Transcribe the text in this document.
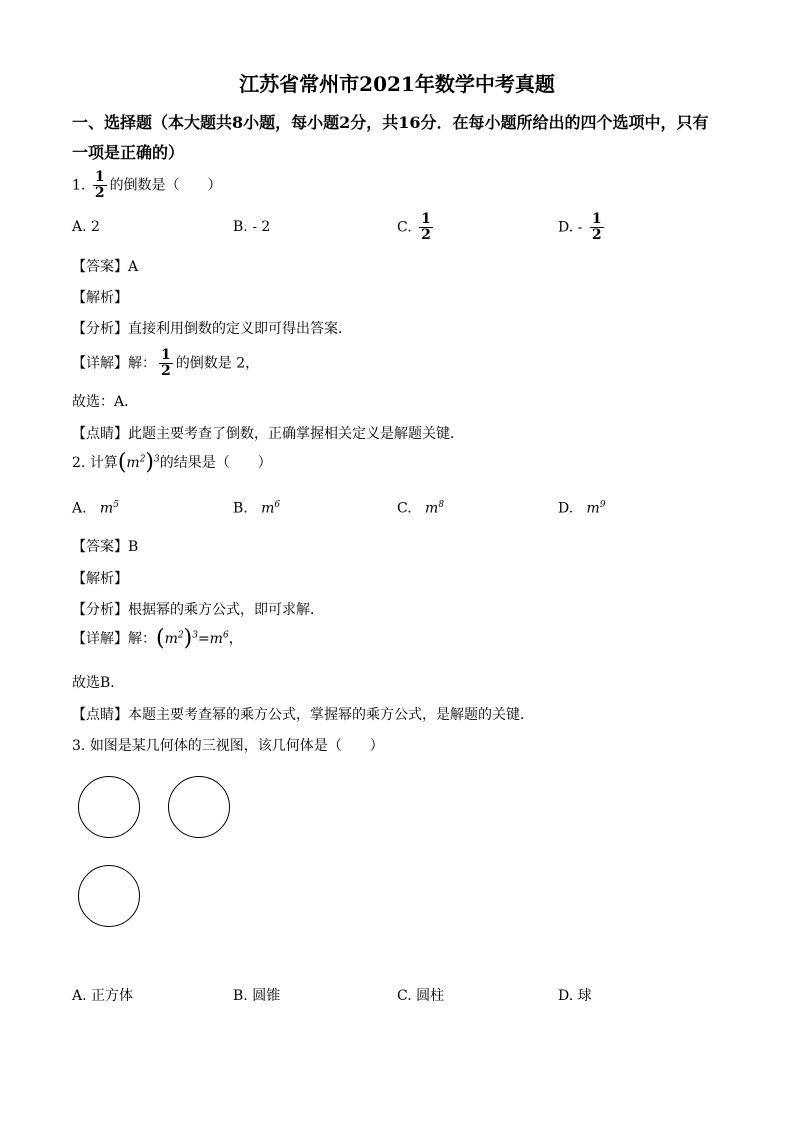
江苏省常州市2021年数学中考真题
一、选择题（本大题共8小题，每小题2分，共16分．在每小题所给出的四个选项中，只有
一项是正确的）
1. $\frac{1}{2}$ 的倒数是（　　）
A. 2	B. - 2	C. $\frac{1}{2}$	D. - $\frac{1}{2}$
【答案】A
【解析】
【分析】直接利用倒数的定义即可得出答案．
【详解】解： $\frac{1}{2}$ 的倒数是 2，
故选：A．
【点睛】此题主要考查了倒数，正确掌握相关定义是解题关键．
2. 计算$(m^2)^3$的结果是（　　）
A. $m^5$	B. $m^6$	C. $m^8$	D. $m^9$
【答案】B
【解析】
【分析】根据幂的乘方公式，即可求解．
【详解】解：$(m^2)^3=m^6$，
故选B．
【点睛】本题主要考查幂的乘方公式，掌握幂的乘方公式，是解题的关键．
3. 如图是某几何体的三视图，该几何体是（　　）
A. 正方体	B. 圆锥	C. 圆柱	D. 球
